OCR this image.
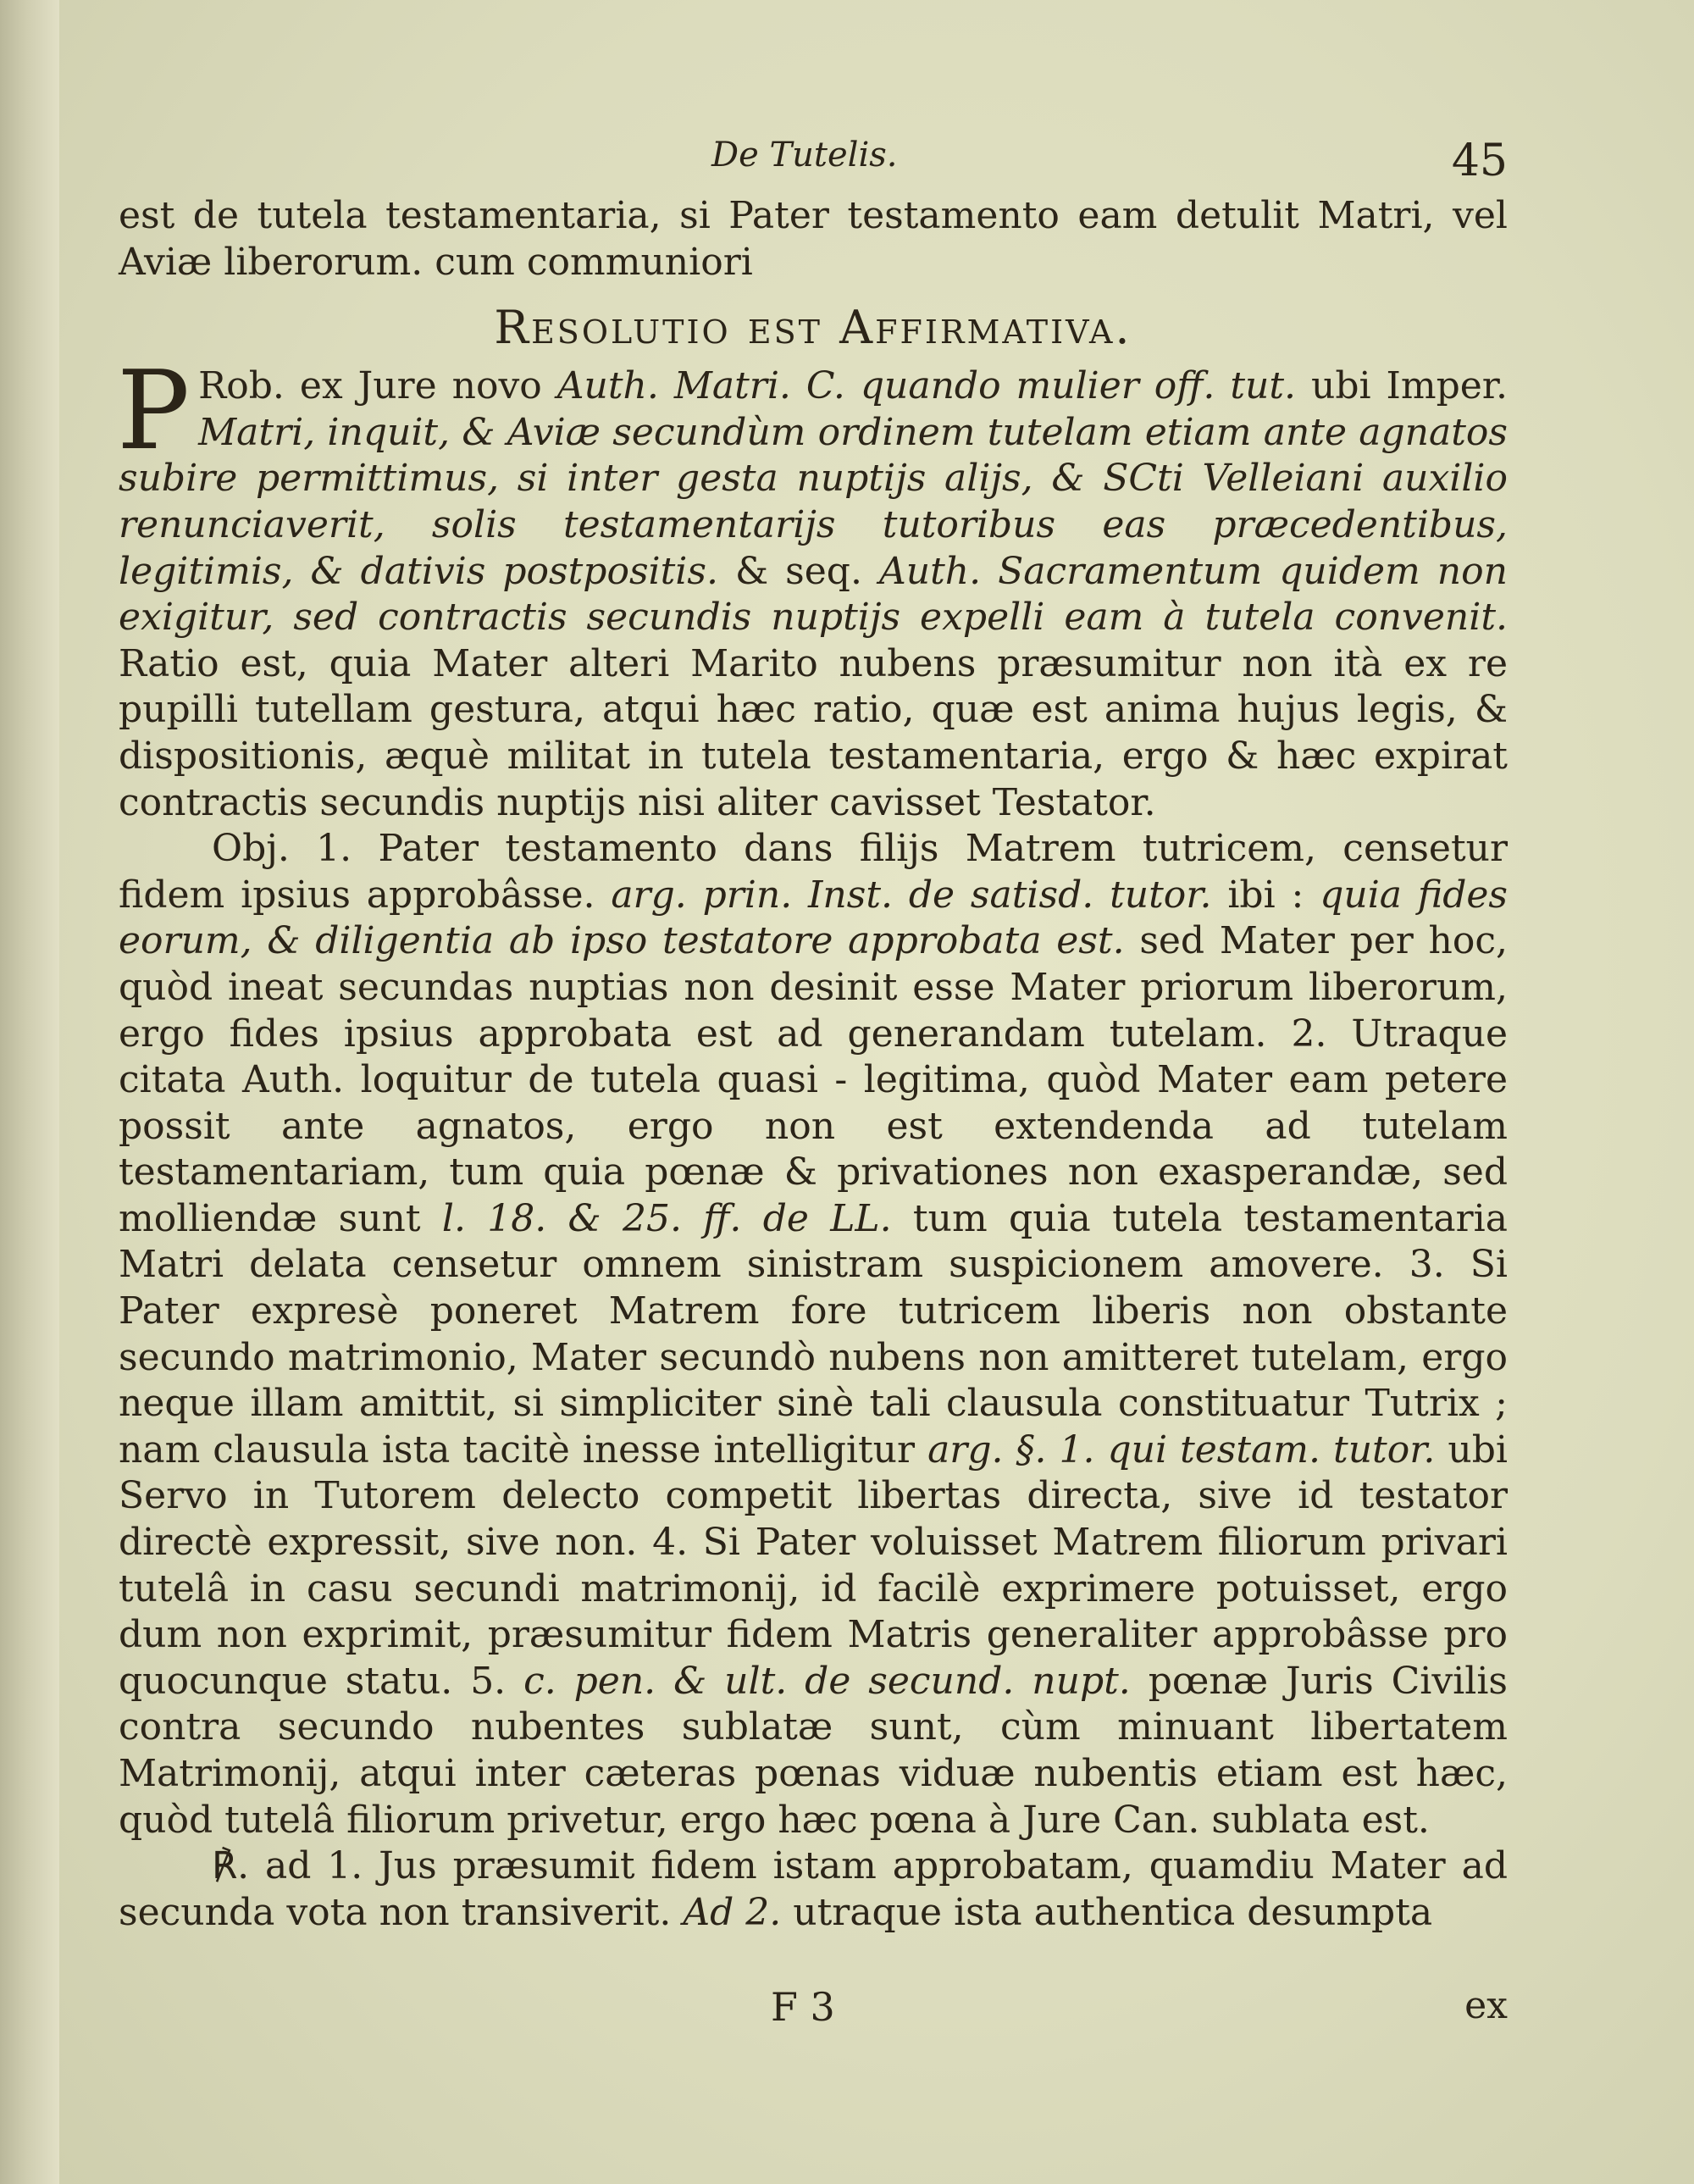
De Tutelis.	45

est de tutela testamentaria, si Pater testamento eam detulit Matri, vel Aviæ liberorum. cum communiori

Resolutio est Affirmativa.

P Rob. ex Jure novo Auth. Matri. C. quando mulier off. tut. ubi Imper. Matri, inquit, & Aviæ secundùm ordinem tutelam etiam ante agnatos subire permittimus, si inter gesta nuptijs alijs, & SCti Velleiani auxilio renunciaverit, solis testamentarijs tutoribus eas præcedentibus, legitimis, & dativis postpositis. & seq. Auth. Sacramentum quidem non exigitur, sed contractis secundis nuptijs expelli eam à tutela convenit. Ratio est, quia Mater alteri Marito nubens præsumitur non ità ex re pupilli tutellam gestura, atqui hæc ratio, quæ est anima hujus legis, & dispositionis, æquè militat in tutela testamentaria, ergo & hæc expirat contractis secundis nuptijs nisi aliter cavisset Testator.

Obj. 1. Pater testamento dans filijs Matrem tutricem, censetur fidem ipsius approbâsse. arg. prin. Inst. de satisd. tutor. ibi : quia fides eorum, & diligentia ab ipso testatore approbata est. sed Mater per hoc, quòd ineat secundas nuptias non desinit esse Mater priorum liberorum, ergo fides ipsius approbata est ad generandam tutelam. 2. Utraque citata Auth. loquitur de tutela quasi - legitima, quòd Mater eam petere possit ante agnatos, ergo non est extendenda ad tutelam testamentariam, tum quia pœnæ & privationes non exasperandæ, sed molliendæ sunt l. 18. & 25. ff. de LL. tum quia tutela testamentaria Matri delata censetur omnem sinistram suspicionem amovere. 3. Si Pater expresè poneret Matrem fore tutricem liberis non obstante secundo matrimonio, Mater secundò nubens non amitteret tutelam, ergo neque illam amittit, si simpliciter sinè tali clausula constituatur Tutrix ; nam clausula ista tacitè inesse intelligitur arg. §. 1. qui testam. tutor. ubi Servo in Tutorem delecto competit libertas directa, sive id testator directè expressit, sive non. 4. Si Pater voluisset Matrem filiorum privari tutelâ in casu secundi matrimonij, id facilè exprimere potuisset, ergo dum non exprimit, præsumitur fidem Matris generaliter approbâsse pro quocunque statu. 5. c. pen. & ult. de secund. nupt. pœnæ Juris Civilis contra secundo nubentes sublatæ sunt, cùm minuant libertatem Matrimonij, atqui inter cæteras pœnas viduæ nubentis etiam est hæc, quòd tutelâ filiorum privetur, ergo hæc pœna à Jure Can. sublata est.

℟. ad 1. Jus præsumit fidem istam approbatam, quamdiu Mater ad secunda vota non transiverit. Ad 2. utraque ista authentica desumpta

F 3	ex
